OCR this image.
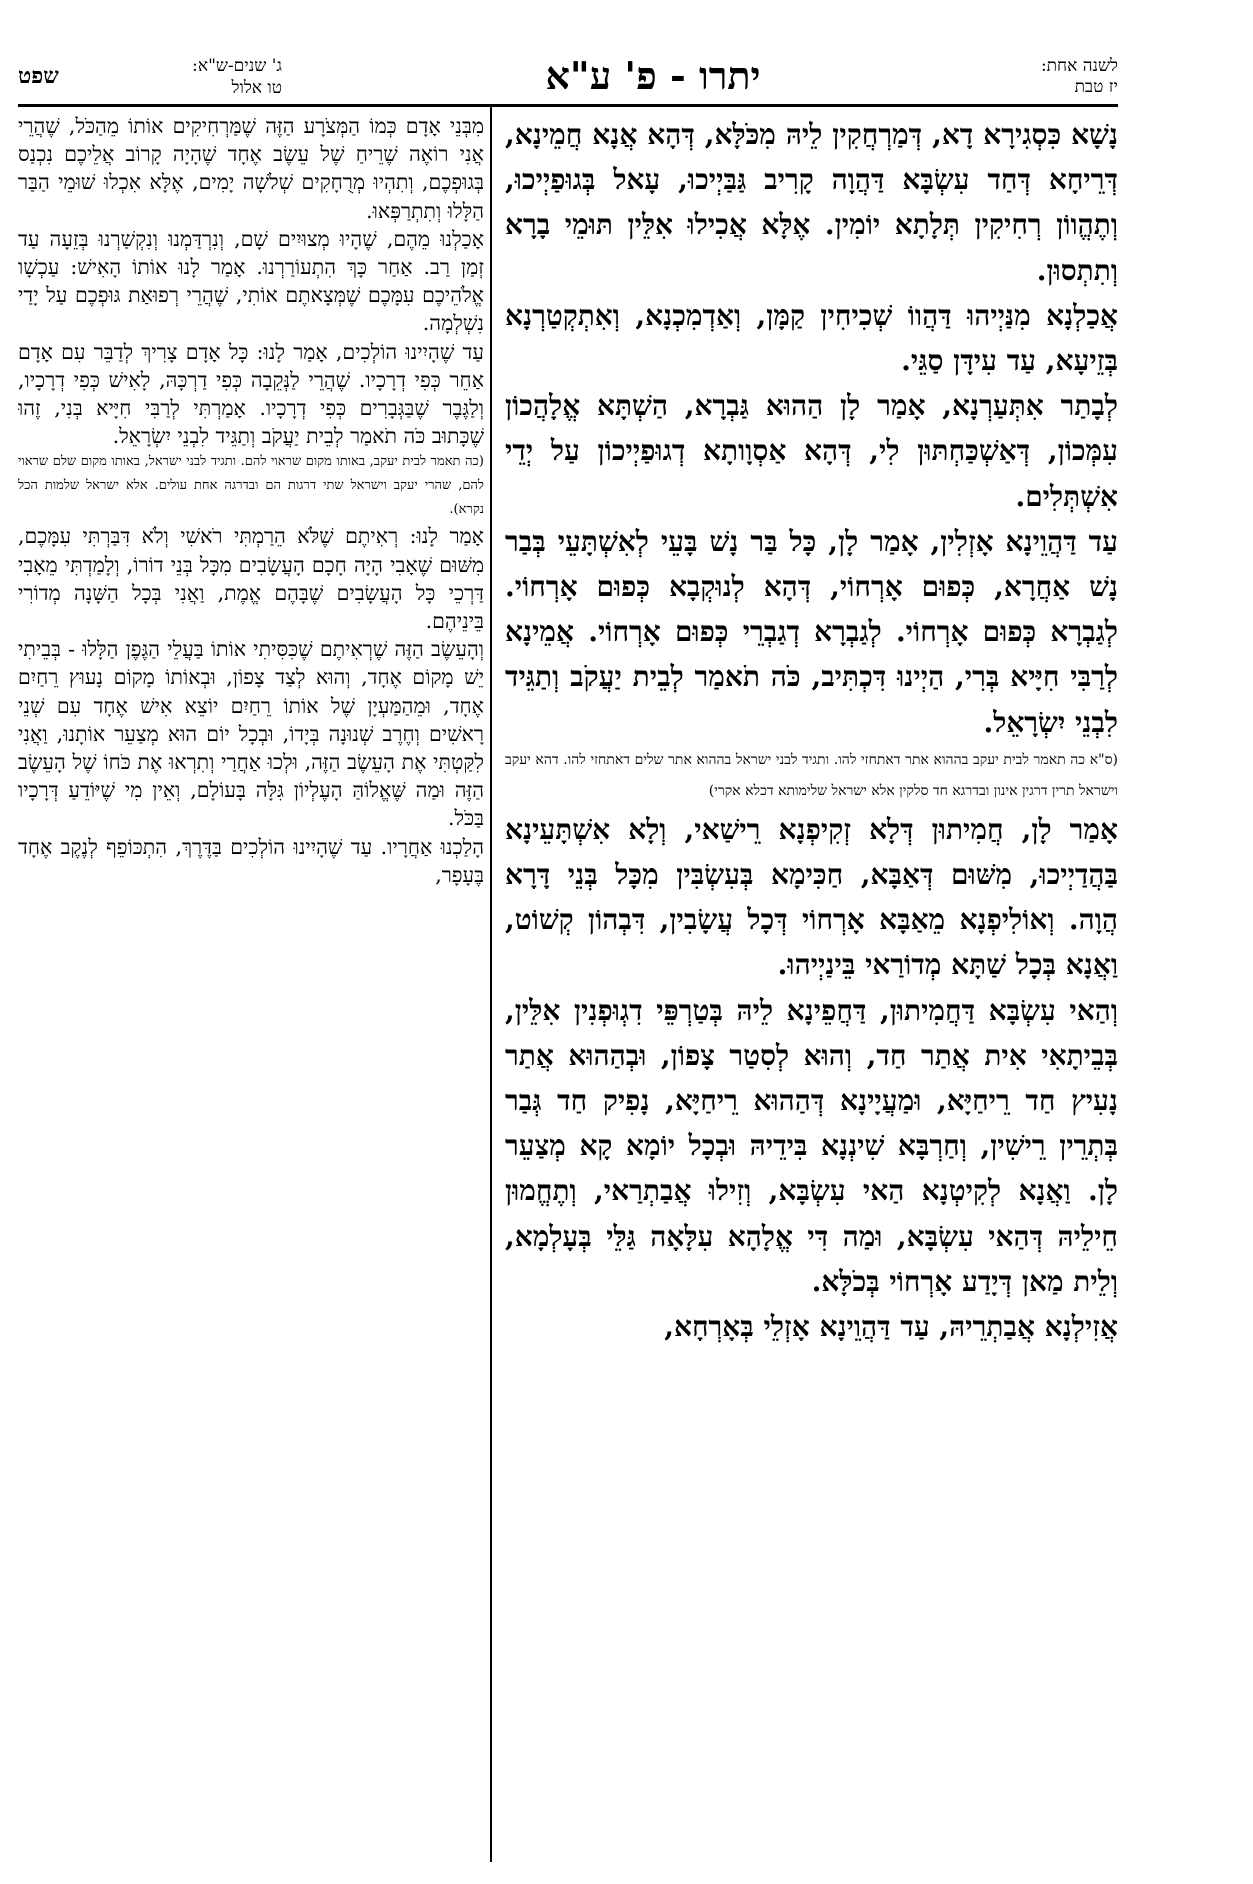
לשנה אחת:
יז טבת
יתרו - פ' ע"א
ג' שנים-ש"א:
טו אלול
שפט

נָשָׁא כִּסְגִירָא דָא, דְּמַרְחֲקִין לֵיהּ מִכֹּלָּא, דְּהָא אֲנָא חֲמֵינָא, דְּרֵיחָא דְּחַד עִשְׂבָּא דַּהֲוָה קָרִיב גַּבַּיְיכוּ, עָאל בְּגוּפַיְיכוּ, וְתֶהֱווֹן רְחִיקִין תְּלָתָא יוֹמִין. אֶלָּא אֲכִילוּ אִלֵּין תּוּמֵי בָרָא וְתִתְסוּן.

אֲכַלְנָא מִנַּיְיהוּ דַּהֲווֹ שְׁכִיחִין קַמָּן, וְאַדְמִכְנָא, וְאִתְקְטַרְנָא בְּזֵיעָא, עַד עִידָּן סַגֵּי.

לְבָתַר אִתְּעַרְנָא, אָמַר לָן הַהוּא גַּבְרָא, הַשְׁתָּא אֱלָהֲכוֹן עִמְּכוֹן, דְּאַשְׁכַּחְתּוּן לִי, דְּהָא אַסְוָותָא דְגוּפַיְיכוֹן עַל יְדֵי אִשְׁתְּלִים.

עַד דַּהֲוֵינָא אָזְלִין, אָמַר לָן, כָּל בַּר נָשׁ בָּעֵי לְאִשְׁתָּעֵי בְּבַר נָשׁ אַחֲרָא, כְּפוּם אָרְחוֹי, דְּהָא לְנוּקְבָא כְּפוּם אָרְחוֹי. לְגַבְרָא כְּפוּם אָרְחוֹי. לְגַבְרָא דְגַבְרֵי כְּפוּם אָרְחוֹי. אֲמֵינָא לְרַבִּי חִיָּיא בְּרִי, הַיְינוּ דִּכְתִּיב, כֹּה תֹאמַר לְבֵית יַעֲקֹב וְתַגֵּיד לִבְנֵי יִשְׂרָאֵל.

(ס"א כה תאמר לבית יעקב בההוא אתר דאתחזי להו. ותגיד לבני ישראל בההוא אתר שלים דאתחזי להו. דהא יעקב וישראל תרין דרגין אינון ובדרגא חד סלקין אלא ישראל שלימותא דכלא אקרי)

אָמַר לָן, חֲמִיתוּן דְּלָא זְקִיפְנָא רֵישַׁאי, וְלָא אִשְׁתָּעֵינָא בַּהֲדַיְיכוּ, מִשּׁוּם דְּאַבָּא, חַכִּימָא בְּעִשְׂבִּין מִכָּל בְּנֵי דָּרָא הֲוָה. וְאוֹלִיפְנָא מֵאַבָּא אָרְחוֹי דְּכָל עֲשָׂבִין, דִּבְהוֹן קְשׁוֹט, וַאֲנָא בְּכָל שַׁתָּא מְדוֹרַאי בֵּינַיְיהוּ.

וְהַאי עִשְׂבָּא דַּחֲמִיתוּן, דַּחֲפֵינָא לֵיהּ בְּטַרְפֵּי דִגְוּפְנִין אִלֵּין, בְּבֵיתָאִי אִית אֲתַר חַד, וְהוּא לְסִטַר צָפוֹן, וּבְהַהוּא אֲתַר נָעִיץ חַד רֵיחַיָּא, וּמַעֲיָינָא דְּהַהוּא רֵיחַיָּא, נָפִיק חַד גְּבַר בְּתְרֵין רֵישִׁין, וְחַרְבָּא שִׁינְנָא בִּידֵיהּ וּבְכָל יוֹמָא קָא מְצַעֵר לָן. וַאֲנָא לְקִיטְנָא הַאי עִשְׂבָּא, וְזִילוּ אֲבַתְרַאי, וְתֶחֱמוּן חֵילֵיהּ דְּהַאי עִשְׂבָּא, וּמַה דִּי אֱלָהָא עִלָּאָה גַּלֵּי בְּעָלְמָא, וְלֵית מַאן דְּיָדַע אָרְחוֹי בְּכֹלָּא.

אֲזִילְנָא אֲבַתְרֵיהּ, עַד דַּהֲוֵינָא אָזְלֵי בְּאָרְחָא,

מִבְּנֵי אָדָם כְּמוֹ הַמְּצֹרָע הַזֶּה שֶׁמַּרְחִיקִים אוֹתוֹ מֵהַכֹּל, שֶׁהֲרֵי אֲנִי רוֹאֶה שֶׁרֵיחַ שֶׁל עֵשֶׂב אֶחָד שֶׁהָיָה קָרוֹב אֲלֵיכֶם נִכְנַס בְּגוּפְכֶם, וְתִהְיוּ מְרֻחָקִים שְׁלֹשָׁה יָמִים, אֶלָּא אִכְלוּ שׁוּמֵי הַבַּר הַלָּלוּ וְתִתְרַפְּאוּ.

אָכַלְנוּ מֵהֶם, שֶׁהָיוּ מְצוּיִים שָׁם, וְנִרְדַּמְנוּ וְנִקְשַׁרְנוּ בְּזֵעָה עַד זְמַן רַב. אַחַר כָּךְ הִתְעוֹרַרְנוּ. אָמַר לָנוּ אוֹתוֹ הָאִישׁ: עַכְשָׁו אֱלֹהֵיכֶם עִמָּכֶם שֶׁמְּצָאתֶם אוֹתִי, שֶׁהֲרֵי רְפוּאַת גּוּפְכֶם עַל יָדַי נִשְׁלְמָה.

עַד שֶׁהָיִינוּ הוֹלְכִים, אָמַר לָנוּ: כָּל אָדָם צָרִיךְ לְדַבֵּר עִם אָדָם אַחֵר כְּפִי דְרָכָיו. שֶׁהֲרֵי לַנְּקֵבָה כְּפִי דַרְכָּהּ, לָאִישׁ כְּפִי דְרָכָיו, וְלַגֶּבֶר שֶׁבַּגְּבָרִים כְּפִי דְרָכָיו. אָמַרְתִּי לְרַבִּי חִיָּיא בְּנִי, זֶהוּ שֶׁכָּתוּב כֹּה תֹאמַר לְבֵית יַעֲקֹב וְתַגֵּיד לִבְנֵי יִשְׂרָאֵל.

(כה תאמר לבית יעקב, באותו מקום שראוי להם. ותגיד לבני ישראל, באותו מקום שלם שראוי להם, שהרי יעקב וישראל שתי דרגות הם ובדרגה אחת עולים. אלא ישראל שלמות הכל נקרא).

אָמַר לָנוּ: רְאִיתֶם שֶׁלֹּא הֵרַמְתִּי רֹאשִׁי וְלֹא דִּבַּרְתִּי עִמָּכֶם, מִשּׁוּם שֶׁאָבִי הָיָה חָכָם הָעֲשָׂבִים מִכָּל בְּנֵי דוֹרוֹ, וְלָמַדְתִּי מֵאָבִי דַּרְכֵי כָּל הָעֲשָׂבִים שֶׁבָּהֶם אֱמֶת, וַאֲנִי בְּכָל הַשָּׁנָה מְדוֹרִי בֵּינֵיהֶם.

וְהָעֵשֶׂב הַזֶּה שֶׁרְאִיתֶם שֶׁכִּסִּיתִי אוֹתוֹ בַּעֲלֵי הַגֶּפֶן הַלָּלוּ - בְּבֵיתִי יֵשׁ מָקוֹם אֶחָד, וְהוּא לְצַד צָפוֹן, וּבְאוֹתוֹ מָקוֹם נָעוּץ רֵחַיִם אֶחָד, וּמֵהַמַּעְיָן שֶׁל אוֹתוֹ רֵחַיִם יוֹצֵא אִישׁ אֶחָד עִם שְׁנֵי רָאשִׁים וְחֶרֶב שְׁנוּנָה בְּיָדוֹ, וּבְכָל יוֹם הוּא מְצַעֵר אוֹתָנוּ, וַאֲנִי לִקַּטְתִּי אֶת הָעֵשֶׂב הַזֶּה, וּלְכוּ אַחֲרַי וְתִרְאוּ אֶת כֹּחוֹ שֶׁל הָעֵשֶׂב הַזֶּה וּמַה שֶּׁאֱלוֹהַּ הָעֶלְיוֹן גִּלָּה בָּעוֹלָם, וְאֵין מִי שֶׁיּוֹדֵעַ דְּרָכָיו בַּכֹּל.

הָלַכְנוּ אַחֲרָיו. עַד שֶׁהָיִינוּ הוֹלְכִים בַּדֶּרֶךְ, הִתְכּוֹפֵף לְנֶקֶב אֶחָד בֶּעָפָר,
